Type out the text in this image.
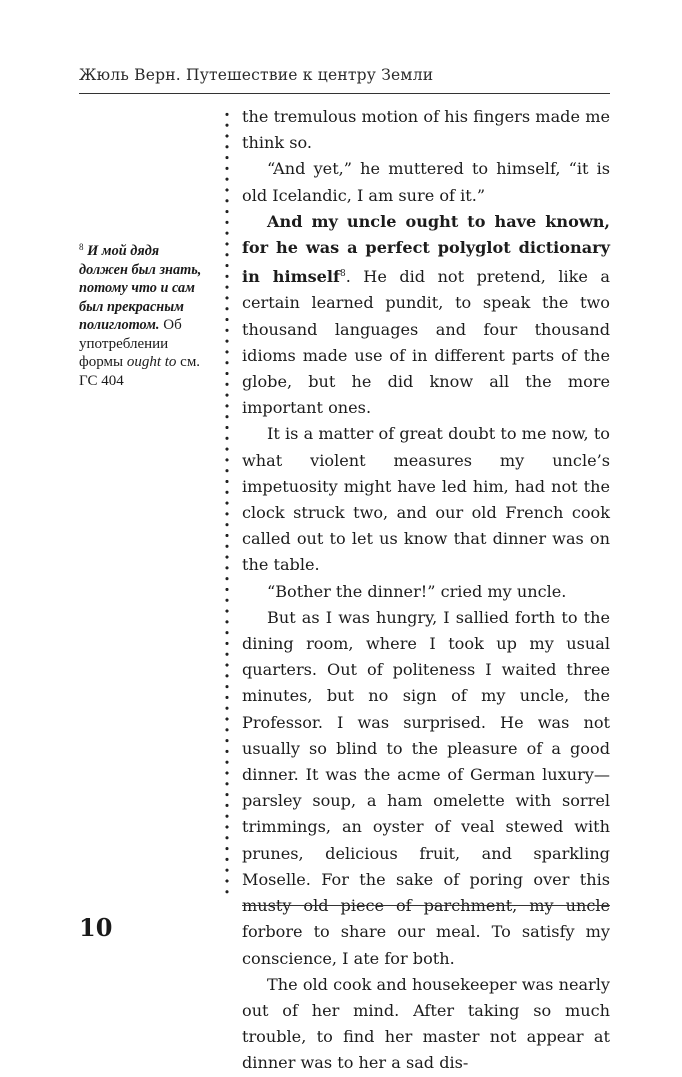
Жюль Верн. Путешествие к центру Земли
$^8$ И мой дядя должен был знать, потому что и сам был прекрасным полиглотом. Об употреблении формы ought to см. ГС 404

the tremulous motion of his fingers made me think so.

“And yet,” he muttered to himself, “it is old Icelandic, I am sure of it.”

And my uncle ought to have known, for he was a perfect polyglot dictionary in himself$^8$. He did not pretend, like a certain learned pundit, to speak the two thousand languages and four thousand idioms made use of in different parts of the globe, but he did know all the more important ones.

It is a matter of great doubt to me now, to what violent measures my uncle’s impetuosity might have led him, had not the clock struck two, and our old French cook called out to let us know that dinner was on the table.

“Bother the dinner!” cried my uncle.

But as I was hungry, I sallied forth to the dining room, where I took up my usual quarters. Out of politeness I waited three minutes, but no sign of my uncle, the Professor. I was surprised. He was not usually so blind to the pleasure of a good dinner. It was the acme of German luxury—parsley soup, a ham omelette with sorrel trimmings, an oyster of veal stewed with prunes, delicious fruit, and sparkling Moselle. For the sake of poring over this musty old piece of parchment, my uncle forbore to share our meal. To satisfy my conscience, I ate for both.

The old cook and housekeeper was nearly out of her mind. After taking so much trouble, to find her master not appear at dinner was to her a sad dis-

10
